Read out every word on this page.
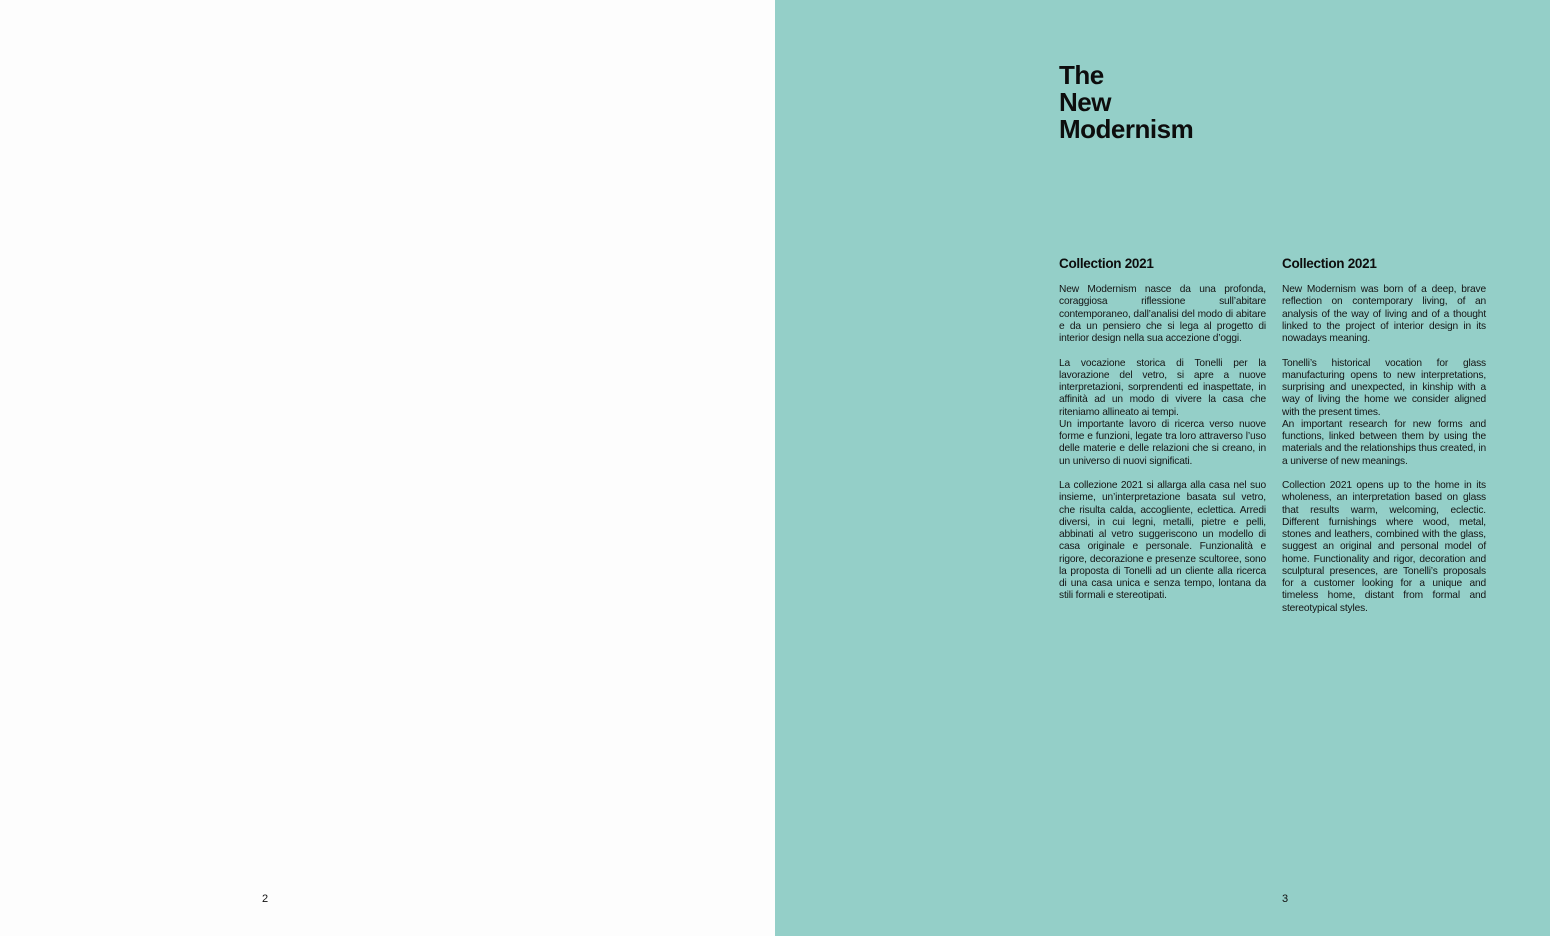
2
The
New
Modernism
Collection 2021

New Modernism nasce da una profonda, coraggiosa riflessione sull’abitare contemporaneo, dall’analisi del modo di abitare e da un pensiero che si lega al progetto di interior design nella sua accezione d’oggi.

La vocazione storica di Tonelli per la lavorazione del vetro, si apre a nuove interpretazioni, sorprendenti ed inaspettate, in affinità ad un modo di vivere la casa che riteniamo allineato ai tempi.

Un importante lavoro di ricerca verso nuove forme e funzioni, legate tra loro attraverso l’uso delle materie e delle relazioni che si creano, in un universo di nuovi significati.

La collezione 2021 si allarga alla casa nel suo insieme, un’interpretazione basata sul vetro, che risulta calda, accogliente, eclettica. Arredi diversi, in cui legni, metalli, pietre e pelli, abbinati al vetro suggeriscono un modello di casa originale e personale. Funzionalità e rigore, decorazione e presenze scultoree, sono la proposta di Tonelli ad un cliente alla ricerca di una casa unica e senza tempo, lontana da stili formali e stereotipati.

Collection 2021

New Modernism was born of a deep, brave reflection on contemporary living, of an analysis of the way of living and of a thought linked to the project of interior design in its nowadays meaning.

Tonelli’s historical vocation for glass manufacturing opens to new interpretations, surprising and unexpected, in kinship with a way of living the home we consider aligned with the present times.

An important research for new forms and functions, linked between them by using the materials and the relationships thus created, in a universe of new meanings.

Collection 2021 opens up to the home in its wholeness, an interpretation based on glass that results warm, welcoming, eclectic. Different furnishings where wood, metal, stones and leathers, combined with the glass, suggest an original and personal model of home. Functionality and rigor, decoration and sculptural presences, are Tonelli’s proposals for a customer looking for a unique and timeless home, distant from formal and stereotypical styles.

3
